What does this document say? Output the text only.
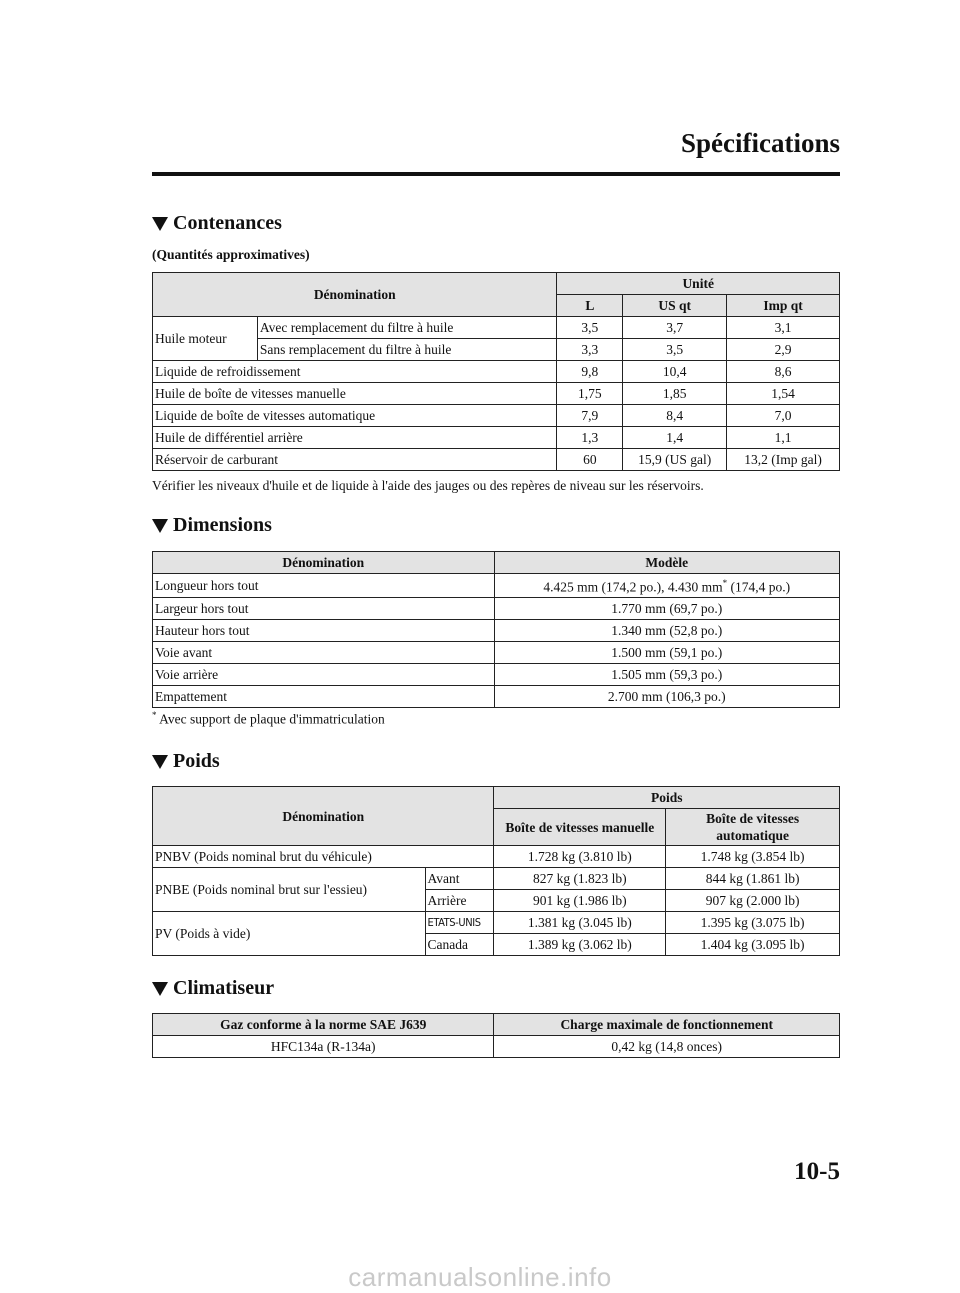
Spécifications
Contenances

(Quantités approximatives)

Dénomination		Unité		
		L	US qt	Imp qt
Huile moteur	Avec remplacement du filtre à huile	3,5	3,7	3,1
	Sans remplacement du filtre à huile	3,3	3,5	2,9
Liquide de refroidissement		9,8	10,4	8,6
Huile de boîte de vitesses manuelle		1,75	1,85	1,54
Liquide de boîte de vitesses automatique		7,9	8,4	7,0
Huile de différentiel arrière		1,3	1,4	1,1
Réservoir de carburant		60	15,9 (US gal)	13,2 (Imp gal)

Vérifier les niveaux d'huile et de liquide à l'aide des jauges ou des repères de niveau sur les réservoirs.

Dimensions
Dénomination	Modèle
Longueur hors tout	4.425 mm (174,2 po.), 4.430 mm* (174,4 po.)
Largeur hors tout	1.770 mm (69,7 po.)
Hauteur hors tout	1.340 mm (52,8 po.)
Voie avant	1.500 mm (59,1 po.)
Voie arrière	1.505 mm (59,3 po.)
Empattement	2.700 mm (106,3 po.)

* Avec support de plaque d'immatriculation

Poids
Dénomination		Poids	
		Boîte de vitesses manuelle	Boîte de vitesses
automatique
PNBV (Poids nominal brut du véhicule)		1.728 kg (3.810 lb)	1.748 kg (3.854 lb)
PNBE (Poids nominal brut sur l'essieu)	Avant	827 kg (1.823 lb)	844 kg (1.861 lb)
	Arrière	901 kg (1.986 lb)	907 kg (2.000 lb)
PV (Poids à vide)	ETATS-UNIS	1.381 kg (3.045 lb)	1.395 kg (3.075 lb)
	Canada	1.389 kg (3.062 lb)	1.404 kg (3.095 lb)
Climatiseur
Gaz conforme à la norme SAE J639	Charge maximale de fonctionnement
HFC134a (R-134a)	0,42 kg (14,8 onces)

10-5

carmanualsonline.info
